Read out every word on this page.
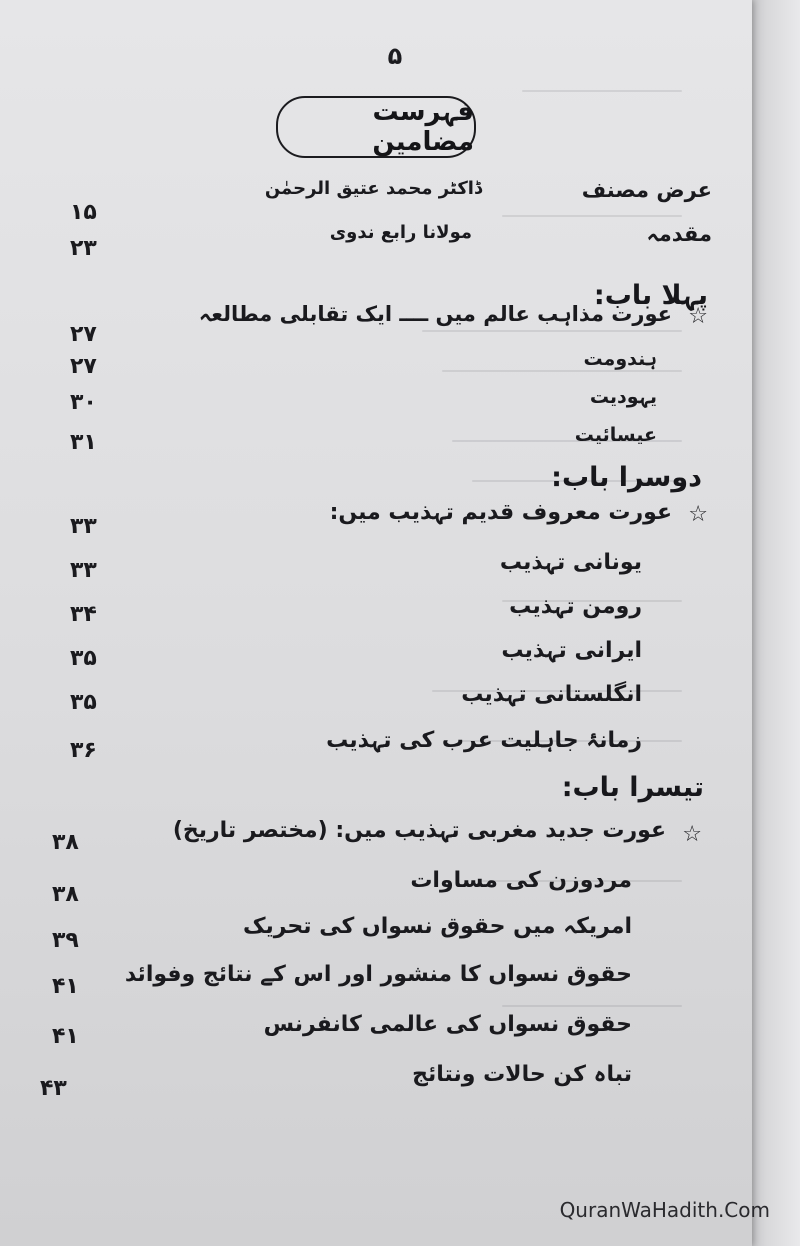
۵
فہرست مضامین
عرض مصنف
ڈاکٹر محمد عتیق الرحمٰن
۱۵
مقدمہ
مولانا رابع ندوی
۲۳
پہلا باب:
☆
عورت مذاہب عالم میں ــــ ایک تقابلی مطالعہ
۲۷
ہندومت
۲۷
یہودیت
۳۰
عیسائیت
۳۱
دوسرا باب:
☆
عورت معروف قدیم تہذیب میں:
۳۳
یونانی تہذیب
۳۳
رومن تہذیب
۳۴
ایرانی تہذیب
۳۵
انگلستانی تہذیب
۳۵
زمانۂ جاہلیت عرب کی تہذیب
۳۶
تیسرا باب:
☆
عورت جدید مغربی تہذیب میں: (مختصر تاریخ)
۳۸
مردوزن کی مساوات
۳۸
امریکہ میں حقوق نسواں کی تحریک
۳۹
حقوق نسواں کا منشور اور اس کے نتائج وفوائد
۴۱
حقوق نسواں کی عالمی کانفرنس
۴۱
تباہ کن حالات ونتائج
۴۳
QuranWaHadith.Com
